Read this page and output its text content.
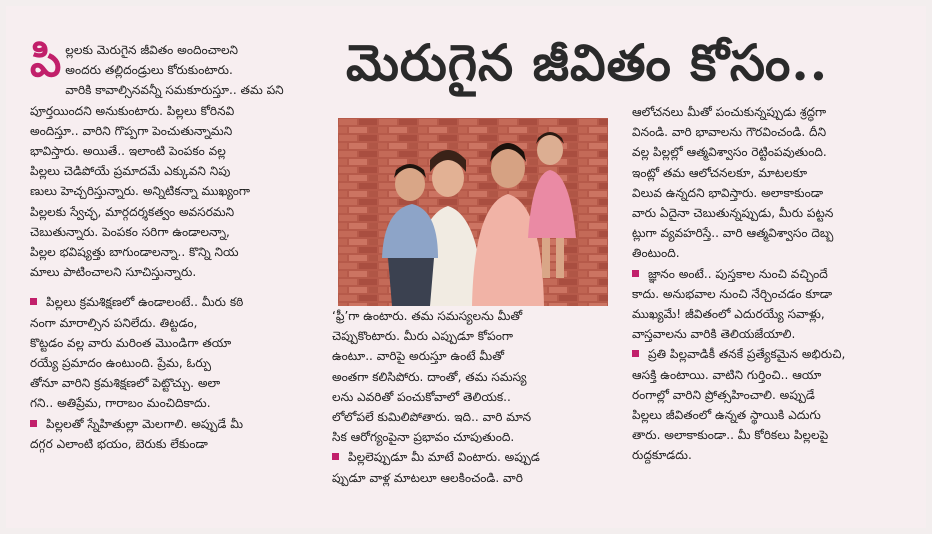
మెరుగైన జీవితం కోసం..
పి ల్లలకు మెరుగైన జీవితం అందించాలని

అందరు తల్లిదండ్రులు కోరుకుంటారు.

వారికి కావాల్సినవన్నీ సమకూరుస్తూ.. తమ పని

పూర్తయిందని అనుకుంటారు. పిల్లలు కోరినవి

అందిస్తూ.. వారిని గొప్పగా పెంచుతున్నామని

భావిస్తారు. అయితే.. ఇలాంటి పెంపకం వల్ల

పిల్లలు చెడిపోయే ప్రమాదమే ఎక్కువని నిపు

ణులు హెచ్చరిస్తున్నారు. అన్నిటికన్నా ముఖ్యంగా

పిల్లలకు స్వేచ్ఛ, మార్గదర్శకత్వం అవసరమని

చెబుతున్నారు. పెంపకం సరిగా ఉండాలన్నా,

పిల్లల భవిష్యత్తు బాగుండాలన్నా.. కొన్ని నియ

మాలు పాటించాలని సూచిస్తున్నారు.

పిల్లలు క్రమశిక్షణలో ఉండాలంటే.. మీరు కఠి

నంగా మారాల్సిన పనిలేదు. తిట్టడం,

కొట్టడం వల్ల వారు మరింత మొండిగా తయా

రయ్యే ప్రమాదం ఉంటుంది. ప్రేమ, ఓర్పు

తోనూ వారిని క్రమశిక్షణలో పెట్టొచ్చు. అలా

గని.. అతిప్రేమ, గారాబం మంచిదికాదు.

పిల్లలతో స్నేహితుల్లా మెలగాలి. అప్పుడే మీ

దగ్గర ఎలాంటి భయం, బెరుకు లేకుండా

‘ఫ్రీ’గా ఉంటారు. తమ సమస్యలను మీతో

చెప్పుకొంటారు. మీరు ఎప్పుడూ కోపంగా

ఉంటూ.. వారిపై అరుస్తూ ఉంటే మీతో

అంతగా కలిసిపోరు. దాంతో, తమ సమస్య

లను ఎవరితో పంచుకోవాలో తెలియక..

లోలోపలే కుమిలిపోతారు. ఇది.. వారి మాన

సిక ఆరోగ్యంపైనా ప్రభావం చూపుతుంది.

పిల్లలెప్పుడూ మీ మాటే వింటారు. అప్పుడ

ప్పుడూ వాళ్ల మాటలూ ఆలకించండి. వారి

ఆలోచనలు మీతో పంచుకున్నప్పుడు శ్రద్ధగా

వినండి. వారి భావాలను గౌరవించండి. దీని

వల్ల పిల్లల్లో ఆత్మవిశ్వాసం రెట్టింపవుతుంది.

ఇంట్లో తమ ఆలోచనలకూ, మాటలకూ

విలువ ఉన్నదని భావిస్తారు. అలాకాకుండా

వారు ఏదైనా చెబుతున్నప్పుడు, మీరు పట్టన

ట్లుగా వ్యవహరిస్తే.. వారి ఆత్మవిశ్వాసం దెబ్బ

తింటుంది.

జ్ఞానం అంటే.. పుస్తకాల నుంచి వచ్చిందే

కాదు. అనుభవాల నుంచి నేర్చించడం కూడా

ముఖ్యమే! జీవితంలో ఎదురయ్యే సవాళ్లు,

వాస్తవాలను వారికి తెలియజేయాలి.

ప్రతి పిల్లవాడికీ తనకే ప్రత్యేకమైన అభిరుచి,

ఆసక్తి ఉంటాయి. వాటిని గుర్తించి.. ఆయా

రంగాల్లో వారిని ప్రోత్సహించాలి. అప్పుడే

పిల్లలు జీవితంలో ఉన్నత స్థాయికి ఎదుగు

తారు. అలాకాకుండా.. మీ కోరికలు పిల్లలపై

రుద్దకూడదు.
